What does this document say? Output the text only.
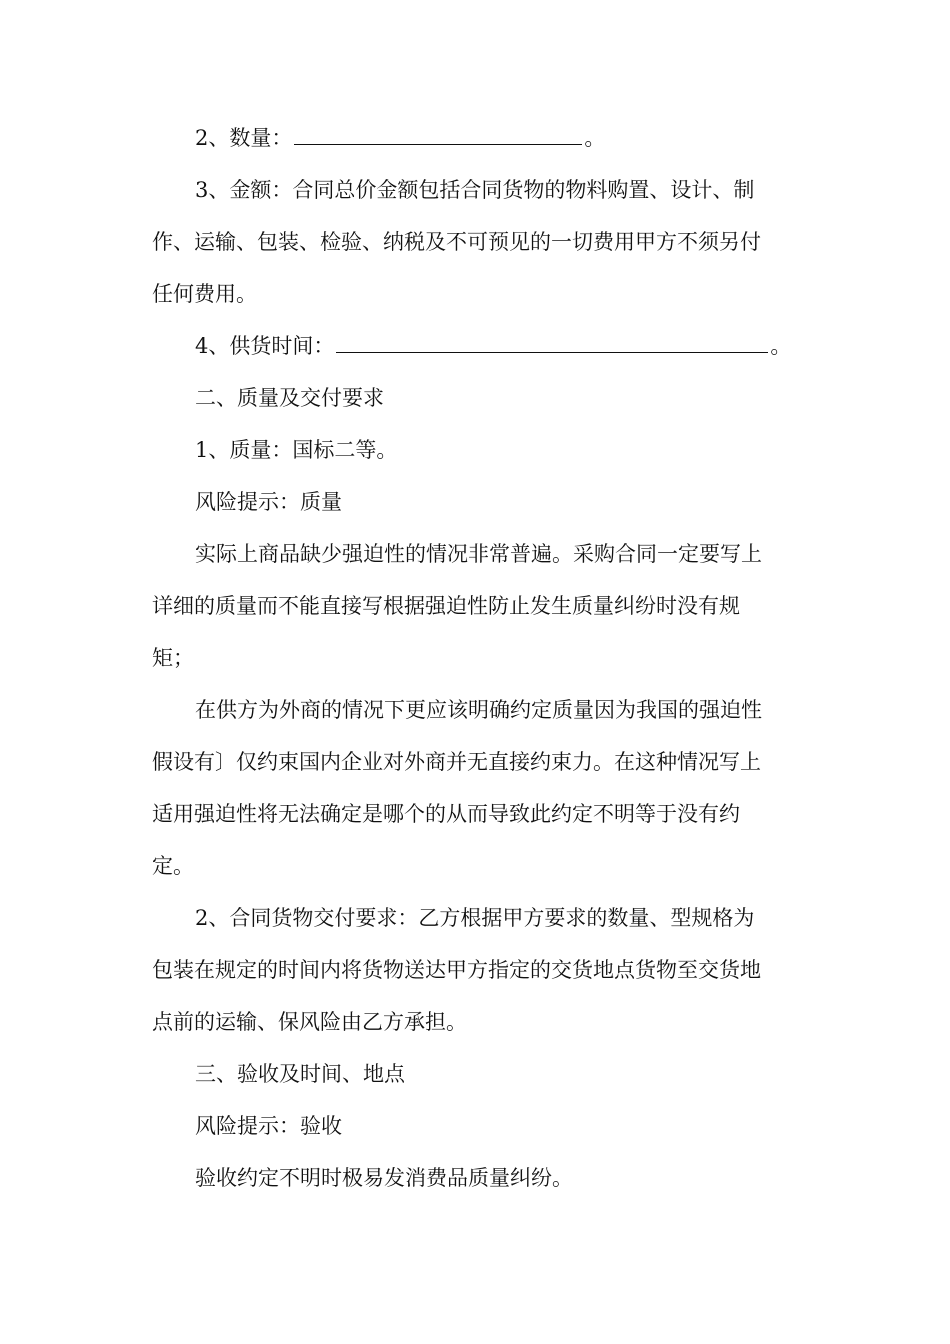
2、数量：	。
3、金额：合同总价金额包括合同货物的物料购置、设计、制
作、运输、包装、检验、纳税及不可预见的一切费用甲方不须另付
任何费用。
4、供货时间：	。
二、质量及交付要求
1、质量：国标二等。
风险提示：质量
实际上商品缺少强迫性的情况非常普遍。采购合同一定要写上
详细的质量而不能直接写根据强迫性防止发生质量纠纷时没有规
矩；
在供方为外商的情况下更应该明确约定质量因为我国的强迫性
假设有〕仅约束国内企业对外商并无直接约束力。在这种情况写上
适用强迫性将无法确定是哪个的从而导致此约定不明等于没有约
定。
2、合同货物交付要求：乙方根据甲方要求的数量、型规格为
包装在规定的时间内将货物送达甲方指定的交货地点货物至交货地
点前的运输、保风险由乙方承担。
三、验收及时间、地点
风险提示：验收
验收约定不明时极易发消费品质量纠纷。
